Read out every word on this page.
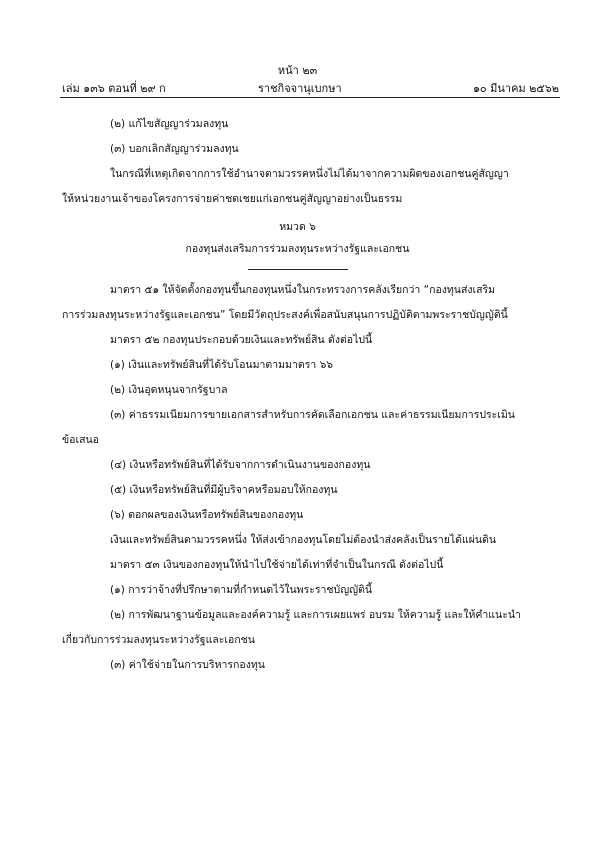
หน้า ๒๓
เล่ม ๑๓๖ ตอนที่ ๒๙ ก	ราชกิจจานุเบกษา	๑๐ มีนาคม ๒๕๖๒
(๒) แก้ไขสัญญาร่วมลงทุน
(๓) บอกเลิกสัญญาร่วมลงทุน
ในกรณีที่เหตุเกิดจากการใช้อำนาจตามวรรคหนึ่งไม่ได้มาจากความผิดของเอกชนคู่สัญญา
ให้หน่วยงานเจ้าของโครงการจ่ายค่าชดเชยแก่เอกชนคู่สัญญาอย่างเป็นธรรม
หมวด ๖
กองทุนส่งเสริมการร่วมลงทุนระหว่างรัฐและเอกชน
มาตรา ๕๑ ให้จัดตั้งกองทุนขึ้นกองทุนหนึ่งในกระทรวงการคลังเรียกว่า “กองทุนส่งเสริม
การร่วมลงทุนระหว่างรัฐและเอกชน” โดยมีวัตถุประสงค์เพื่อสนับสนุนการปฏิบัติตามพระราชบัญญัตินี้
มาตรา ๕๒ กองทุนประกอบด้วยเงินและทรัพย์สิน ดังต่อไปนี้
(๑) เงินและทรัพย์สินที่ได้รับโอนมาตามมาตรา ๖๖
(๒) เงินอุดหนุนจากรัฐบาล
(๓) ค่าธรรมเนียมการขายเอกสารสำหรับการคัดเลือกเอกชน และค่าธรรมเนียมการประเมิน
ข้อเสนอ
(๔) เงินหรือทรัพย์สินที่ได้รับจากการดำเนินงานของกองทุน
(๕) เงินหรือทรัพย์สินที่มีผู้บริจาคหรือมอบให้กองทุน
(๖) ดอกผลของเงินหรือทรัพย์สินของกองทุน
เงินและทรัพย์สินตามวรรคหนึ่ง ให้ส่งเข้ากองทุนโดยไม่ต้องนำส่งคลังเป็นรายได้แผ่นดิน
มาตรา ๕๓ เงินของกองทุนให้นำไปใช้จ่ายได้เท่าที่จำเป็นในกรณี ดังต่อไปนี้
(๑) การว่าจ้างที่ปรึกษาตามที่กำหนดไว้ในพระราชบัญญัตินี้
(๒) การพัฒนาฐานข้อมูลและองค์ความรู้ และการเผยแพร่ อบรม ให้ความรู้ และให้คำแนะนำ
เกี่ยวกับการร่วมลงทุนระหว่างรัฐและเอกชน
(๓) ค่าใช้จ่ายในการบริหารกองทุน
